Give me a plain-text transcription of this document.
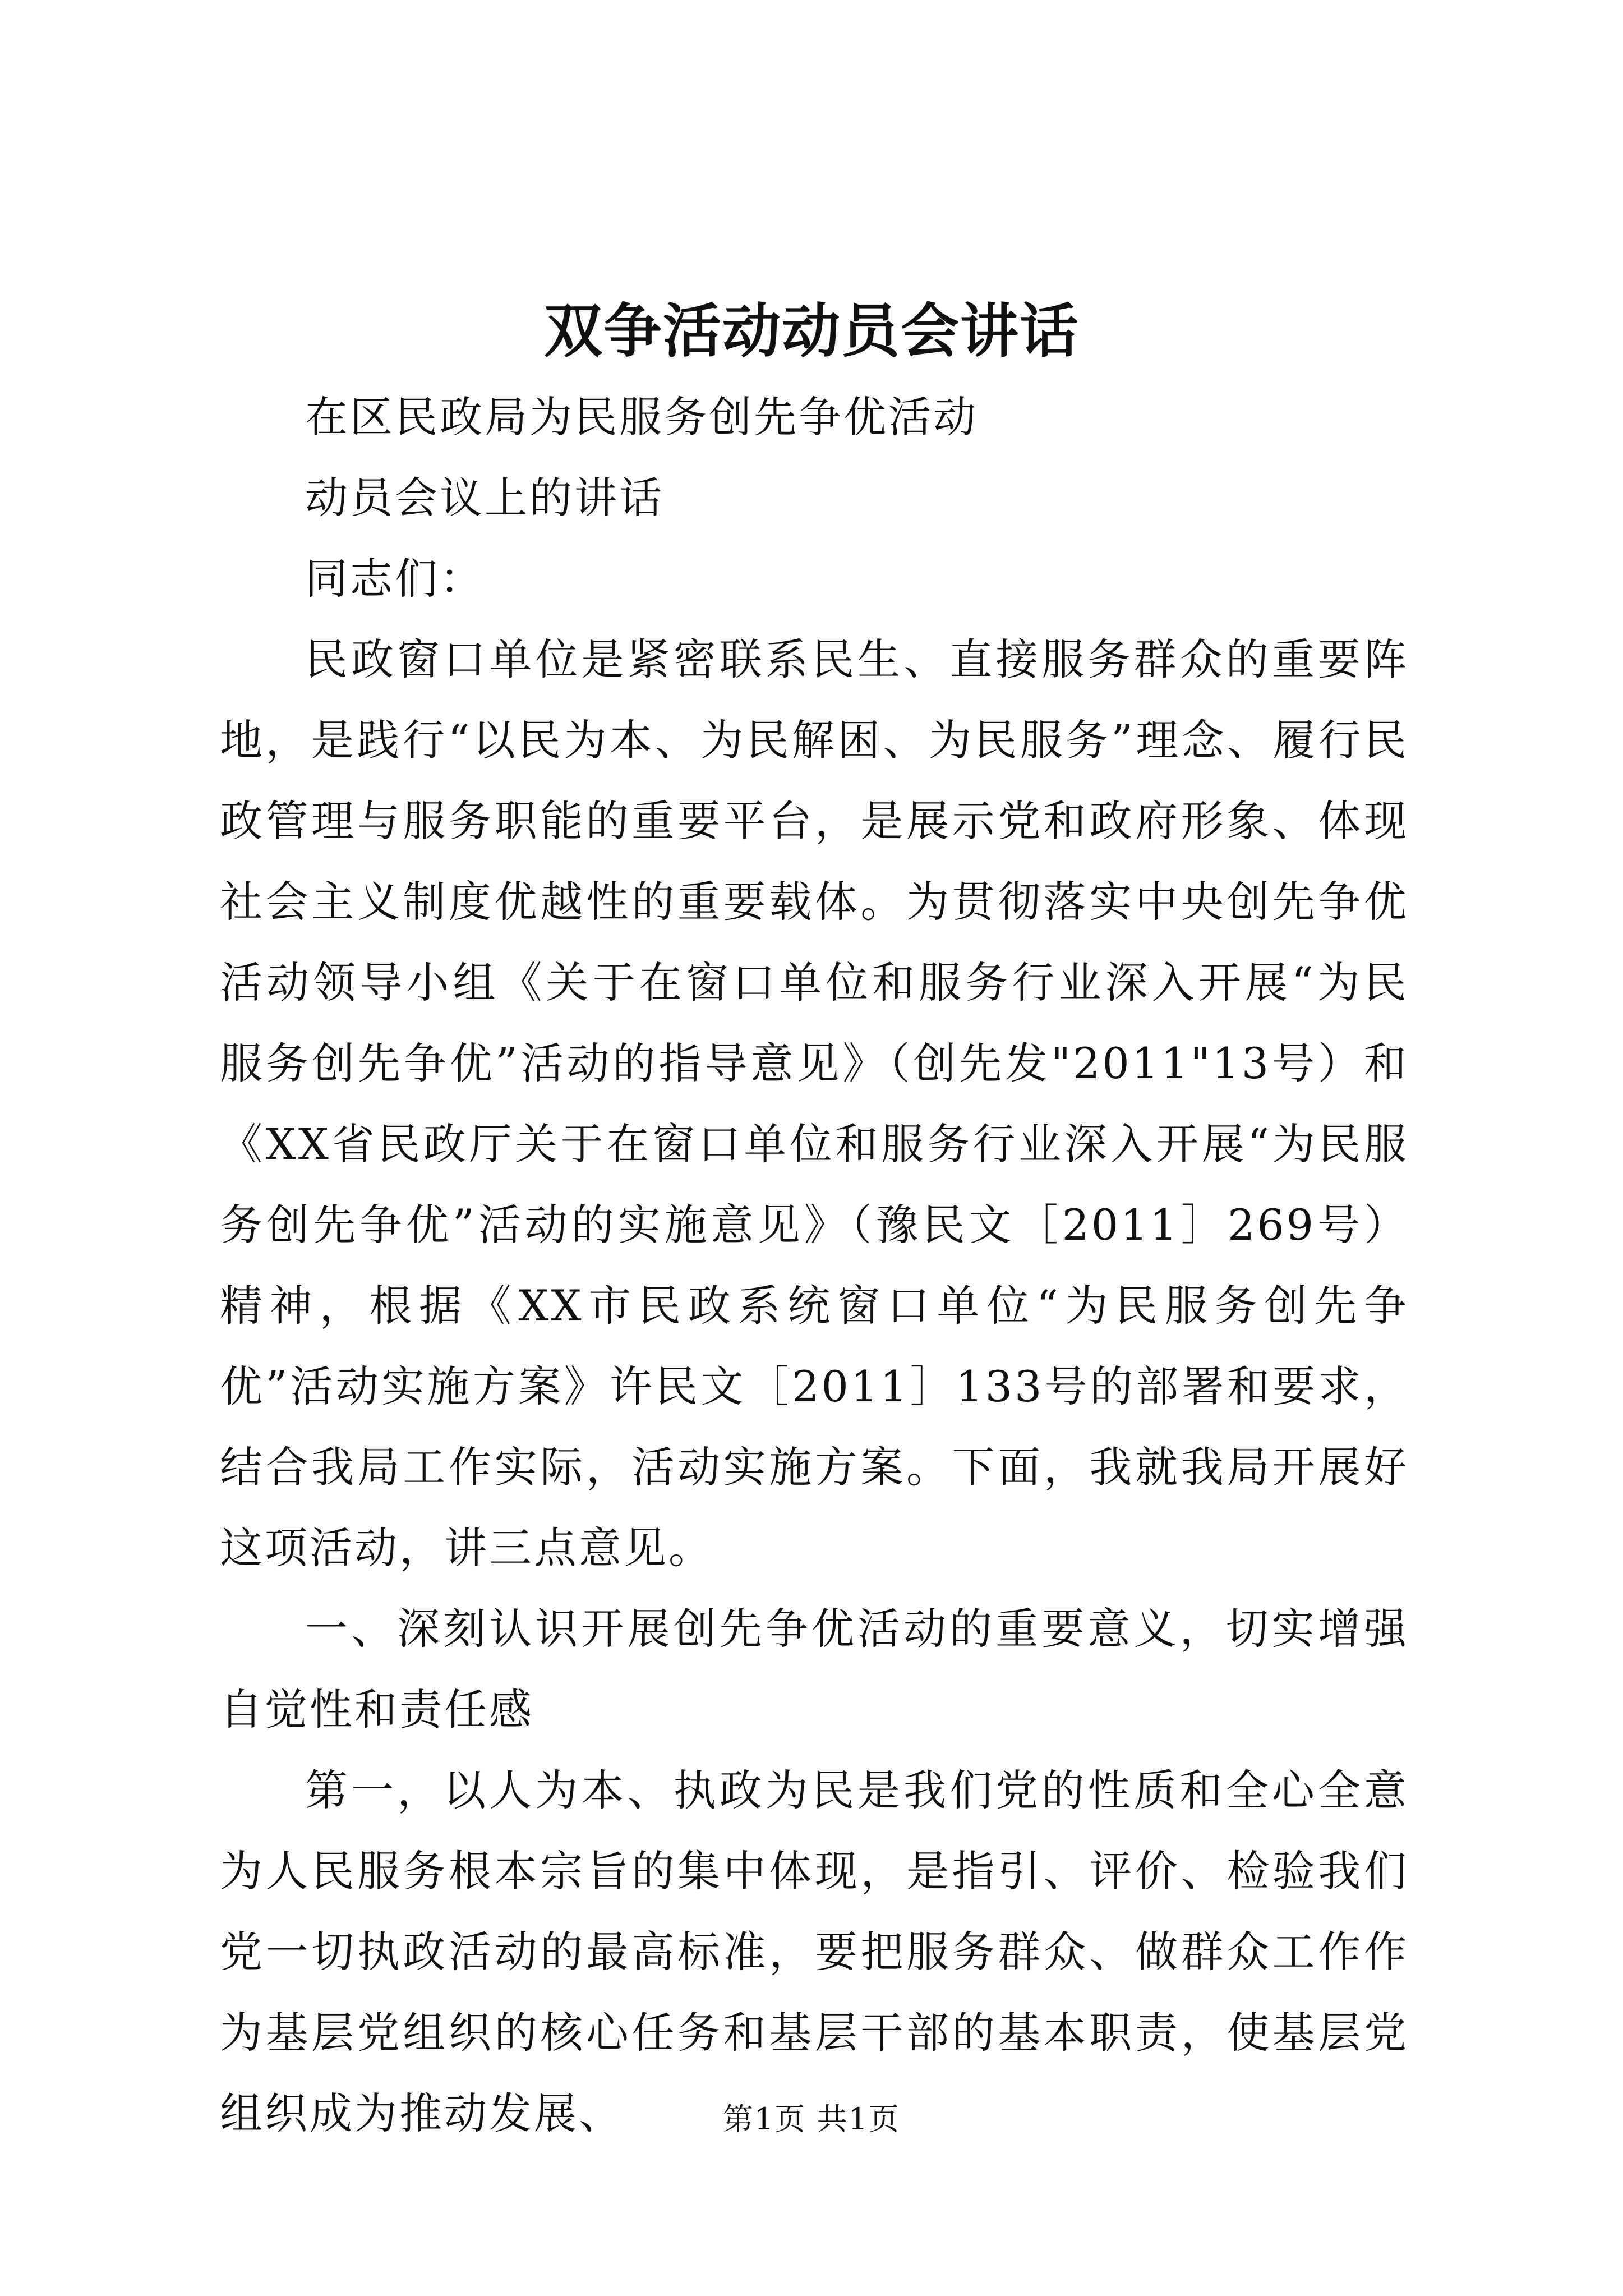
双争活动动员会讲话

在区民政局为民服务创先争优活动

动员会议上的讲话

同志们：

民政窗口单位是紧密联系民生、直接服务群众的重要阵地，是践行“以民为本、为民解困、为民服务”理念、履行民政管理与服务职能的重要平台，是展示党和政府形象、体现社会主义制度优越性的重要载体。为贯彻落实中央创先争优活动领导小组《关于在窗口单位和服务行业深入开展“为民服务创先争优”活动的指导意见》（创先发"2011"13号）和《XX省民政厅关于在窗口单位和服务行业深入开展“为民服务创先争优”活动的实施意见》（豫民文［2011］269号）精神，根据《XX市民政系统窗口单位“为民服务创先争优”活动实施方案》许民文［2011］133号的部署和要求，结合我局工作实际，活动实施方案。下面，我就我局开展好这项活动，讲三点意见。

一、深刻认识开展创先争优活动的重要意义，切实增强自觉性和责任感

第一，以人为本、执政为民是我们党的性质和全心全意为人民服务根本宗旨的集中体现，是指引、评价、检验我们党一切执政活动的最高标准，要把服务群众、做群众工作作为基层党组织的核心任务和基层干部的基本职责，使基层党组织成为推动发展、	第1页 共1页
